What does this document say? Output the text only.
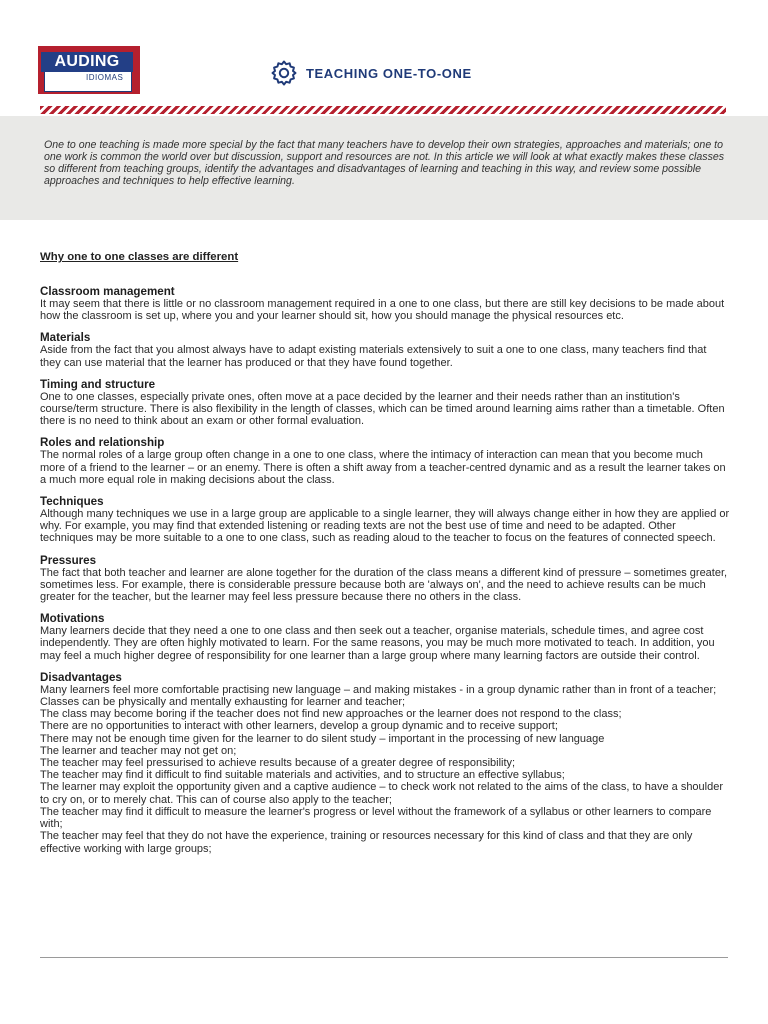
AUDING
IDIOMAS	TEACHING ONE-TO-ONE

One to one teaching is made more special by the fact that many teachers have to develop their own strategies, approaches and materials; one to one work is common the world over but discussion, support and resources are not. In this article we will look at what exactly makes these classes so different from teaching groups, identify the advantages and disadvantages of learning and teaching in this way, and review some possible approaches and techniques to help effective learning.

Why one to one classes are different
Classroom management

It may seem that there is little or no classroom management required in a one to one class, but there are still key decisions to be made about how the classroom is set up, where you and your learner should sit, how you should manage the physical resources etc.

Materials

Aside from the fact that you almost always have to adapt existing materials extensively to suit a one to one class, many teachers find that they can use material that the learner has produced or that they have found together.

Timing and structure

One to one classes, especially private ones, often move at a pace decided by the learner and their needs rather than an institution's course/term structure. There is also flexibility in the length of classes, which can be timed around learning aims rather than a timetable. Often there is no need to think about an exam or other formal evaluation.

Roles and relationship

The normal roles of a large group often change in a one to one class, where the intimacy of interaction can mean that you become much more of a friend to the learner – or an enemy. There is often a shift away from a teacher-centred dynamic and as a result the learner takes on a much more equal role in making decisions about the class.

Techniques

Although many techniques we use in a large group are applicable to a single learner, they will always change either in how they are applied or why. For example, you may find that extended listening or reading texts are not the best use of time and need to be adapted. Other techniques may be more suitable to a one to one class, such as reading aloud to the teacher to focus on the features of connected speech.

Pressures

The fact that both teacher and learner are alone together for the duration of the class means a different kind of pressure – sometimes greater, sometimes less. For example, there is considerable pressure because both are 'always on', and the need to achieve results can be much greater for the teacher, but the learner may feel less pressure because there no others in the class.

Motivations

Many learners decide that they need a one to one class and then seek out a teacher, organise materials, schedule times, and agree cost independently. They are often highly motivated to learn. For the same reasons, you may be much more motivated to teach. In addition, you may feel a much higher degree of responsibility for one learner than a large group where many learning factors are outside their control.

Disadvantages
Many learners feel more comfortable practising new language – and making mistakes - in a group dynamic rather than in front of a teacher;
Classes can be physically and mentally exhausting for learner and teacher;
The class may become boring if the teacher does not find new approaches or the learner does not respond to the class;
There are no opportunities to interact with other learners, develop a group dynamic and to receive support;
There may not be enough time given for the learner to do silent study – important in the processing of new language
The learner and teacher may not get on;
The teacher may feel pressurised to achieve results because of a greater degree of responsibility;
The teacher may find it difficult to find suitable materials and activities, and to structure an effective syllabus;
The learner may exploit the opportunity given and a captive audience – to check work not related to the aims of the class, to have a shoulder to cry on, or to merely chat. This can of course also apply to the teacher;
The teacher may find it difficult to measure the learner's progress or level without the framework of a syllabus or other learners to compare with;
The teacher may feel that they do not have the experience, training or resources necessary for this kind of class and that they are only effective working with large groups;
